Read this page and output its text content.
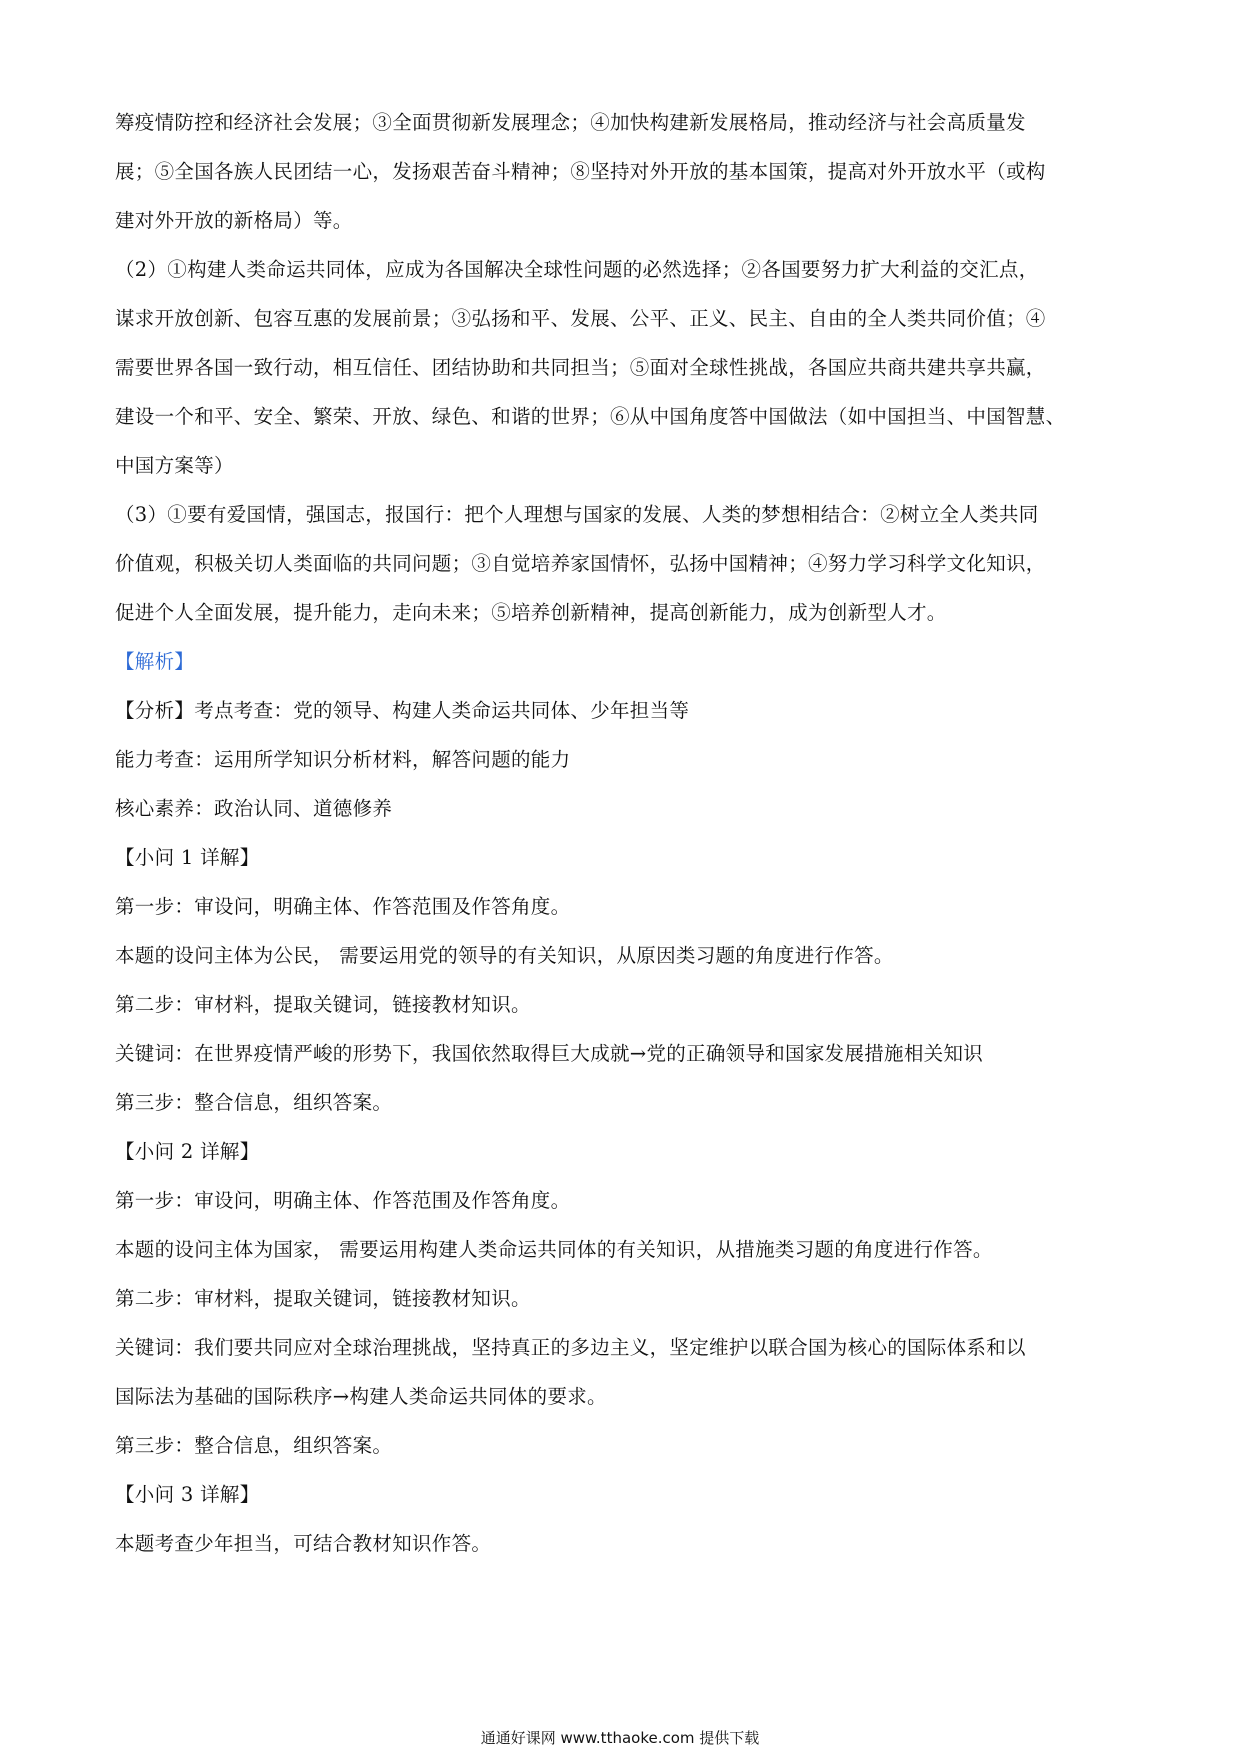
筹疫情防控和经济社会发展；③全面贯彻新发展理念；④加快构建新发展格局，推动经济与社会高质量发
展；⑤全国各族人民团结一心，发扬艰苦奋斗精神；⑧坚持对外开放的基本国策，提高对外开放水平（或构
建对外开放的新格局）等。
（2）①构建人类命运共同体，应成为各国解决全球性问题的必然选择；②各国要努力扩大利益的交汇点，
谋求开放创新、包容互惠的发展前景；③弘扬和平、发展、公平、正义、民主、自由的全人类共同价值；④
需要世界各国一致行动，相互信任、团结协助和共同担当；⑤面对全球性挑战，各国应共商共建共享共赢，
建设一个和平、安全、繁荣、开放、绿色、和谐的世界；⑥从中国角度答中国做法（如中国担当、中国智慧、
中国方案等）
（3）①要有爱国情，强国志，报国行：把个人理想与国家的发展、人类的梦想相结合：②树立全人类共同
价值观，积极关切人类面临的共同问题；③自觉培养家国情怀，弘扬中国精神；④努力学习科学文化知识，
促进个人全面发展，提升能力，走向未来；⑤培养创新精神，提高创新能力，成为创新型人才。
【解析】
【分析】考点考查：党的领导、构建人类命运共同体、少年担当等
能力考查：运用所学知识分析材料，解答问题的能力
核心素养：政治认同、道德修养
【小问 1 详解】
第一步：审设问，明确主体、作答范围及作答角度。
本题的设问主体为公民， 需要运用党的领导的有关知识，从原因类习题的角度进行作答。
第二步：审材料，提取关键词，链接教材知识。
关键词：在世界疫情严峻的形势下，我国依然取得巨大成就→党的正确领导和国家发展措施相关知识
第三步：整合信息，组织答案。
【小问 2 详解】
第一步：审设问，明确主体、作答范围及作答角度。
本题的设问主体为国家， 需要运用构建人类命运共同体的有关知识，从措施类习题的角度进行作答。
第二步：审材料，提取关键词，链接教材知识。
关键词：我们要共同应对全球治理挑战，坚持真正的多边主义，坚定维护以联合国为核心的国际体系和以
国际法为基础的国际秩序→构建人类命运共同体的要求。
第三步：整合信息，组织答案。
【小问 3 详解】
本题考查少年担当，可结合教材知识作答。
通通好课网 www.tthaoke.com 提供下载
